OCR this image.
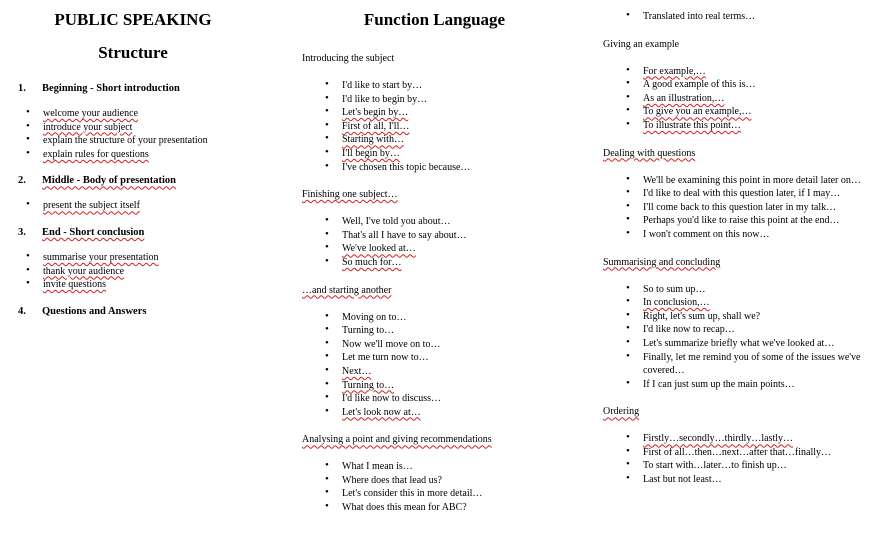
PUBLIC SPEAKING

Structure

1.	Beginning - Short introduction
• welcome your audience
• introduce your subject
• explain the structure of your presentation
• explain rules for questions
2.	Middle - Body of presentation
• present the subject itself
3.	End - Short conclusion
• summarise your presentation
• thank your audience
• invite questions
4.	Questions and Answers

Function Language

Introducing the subject

• I'd like to start by…
• I'd like to begin by…
• Let's begin by…
• First of all, I'll…
• Starting with…
• I'll begin by…
• I've chosen this topic because…

Finishing one subject…

• Well, I've told you about…
• That's all I have to say about…
• We've looked at…
• So much for…

…and starting another

• Moving on to…
• Turning to…
• Now we'll move on to…
• Let me turn now to…
• Next…
• Turning to…
• I'd like now to discuss…
• Let's look now at…

Analysing a point and giving recommendations

• What I mean is…
• Where does that lead us?
• Let's consider this in more detail…
• What does this mean for ABC?
• Translated into real terms…

Giving an example

• For example,…
• A good example of this is…
• As an illustration,…
• To give you an example,…
• To illustrate this point…

Dealing with questions

• We'll be examining this point in more detail later on…
• I'd like to deal with this question later, if I may…
• I'll come back to this question later in my talk…
• Perhaps you'd like to raise this point at the end…
• I won't comment on this now…

Summarising and concluding

• So to sum up…
• In conclusion,…
• Right, let's sum up, shall we?
• I'd like now to recap…
• Let's summarize briefly what we've looked at…
• Finally, let me remind you of some of the issues we've covered…
• If I can just sum up the main points…

Ordering

• Firstly…secondly…thirdly…lastly…
• First of all…then…next…after that…finally…
• To start with…later…to finish up…
• Last but not least…
